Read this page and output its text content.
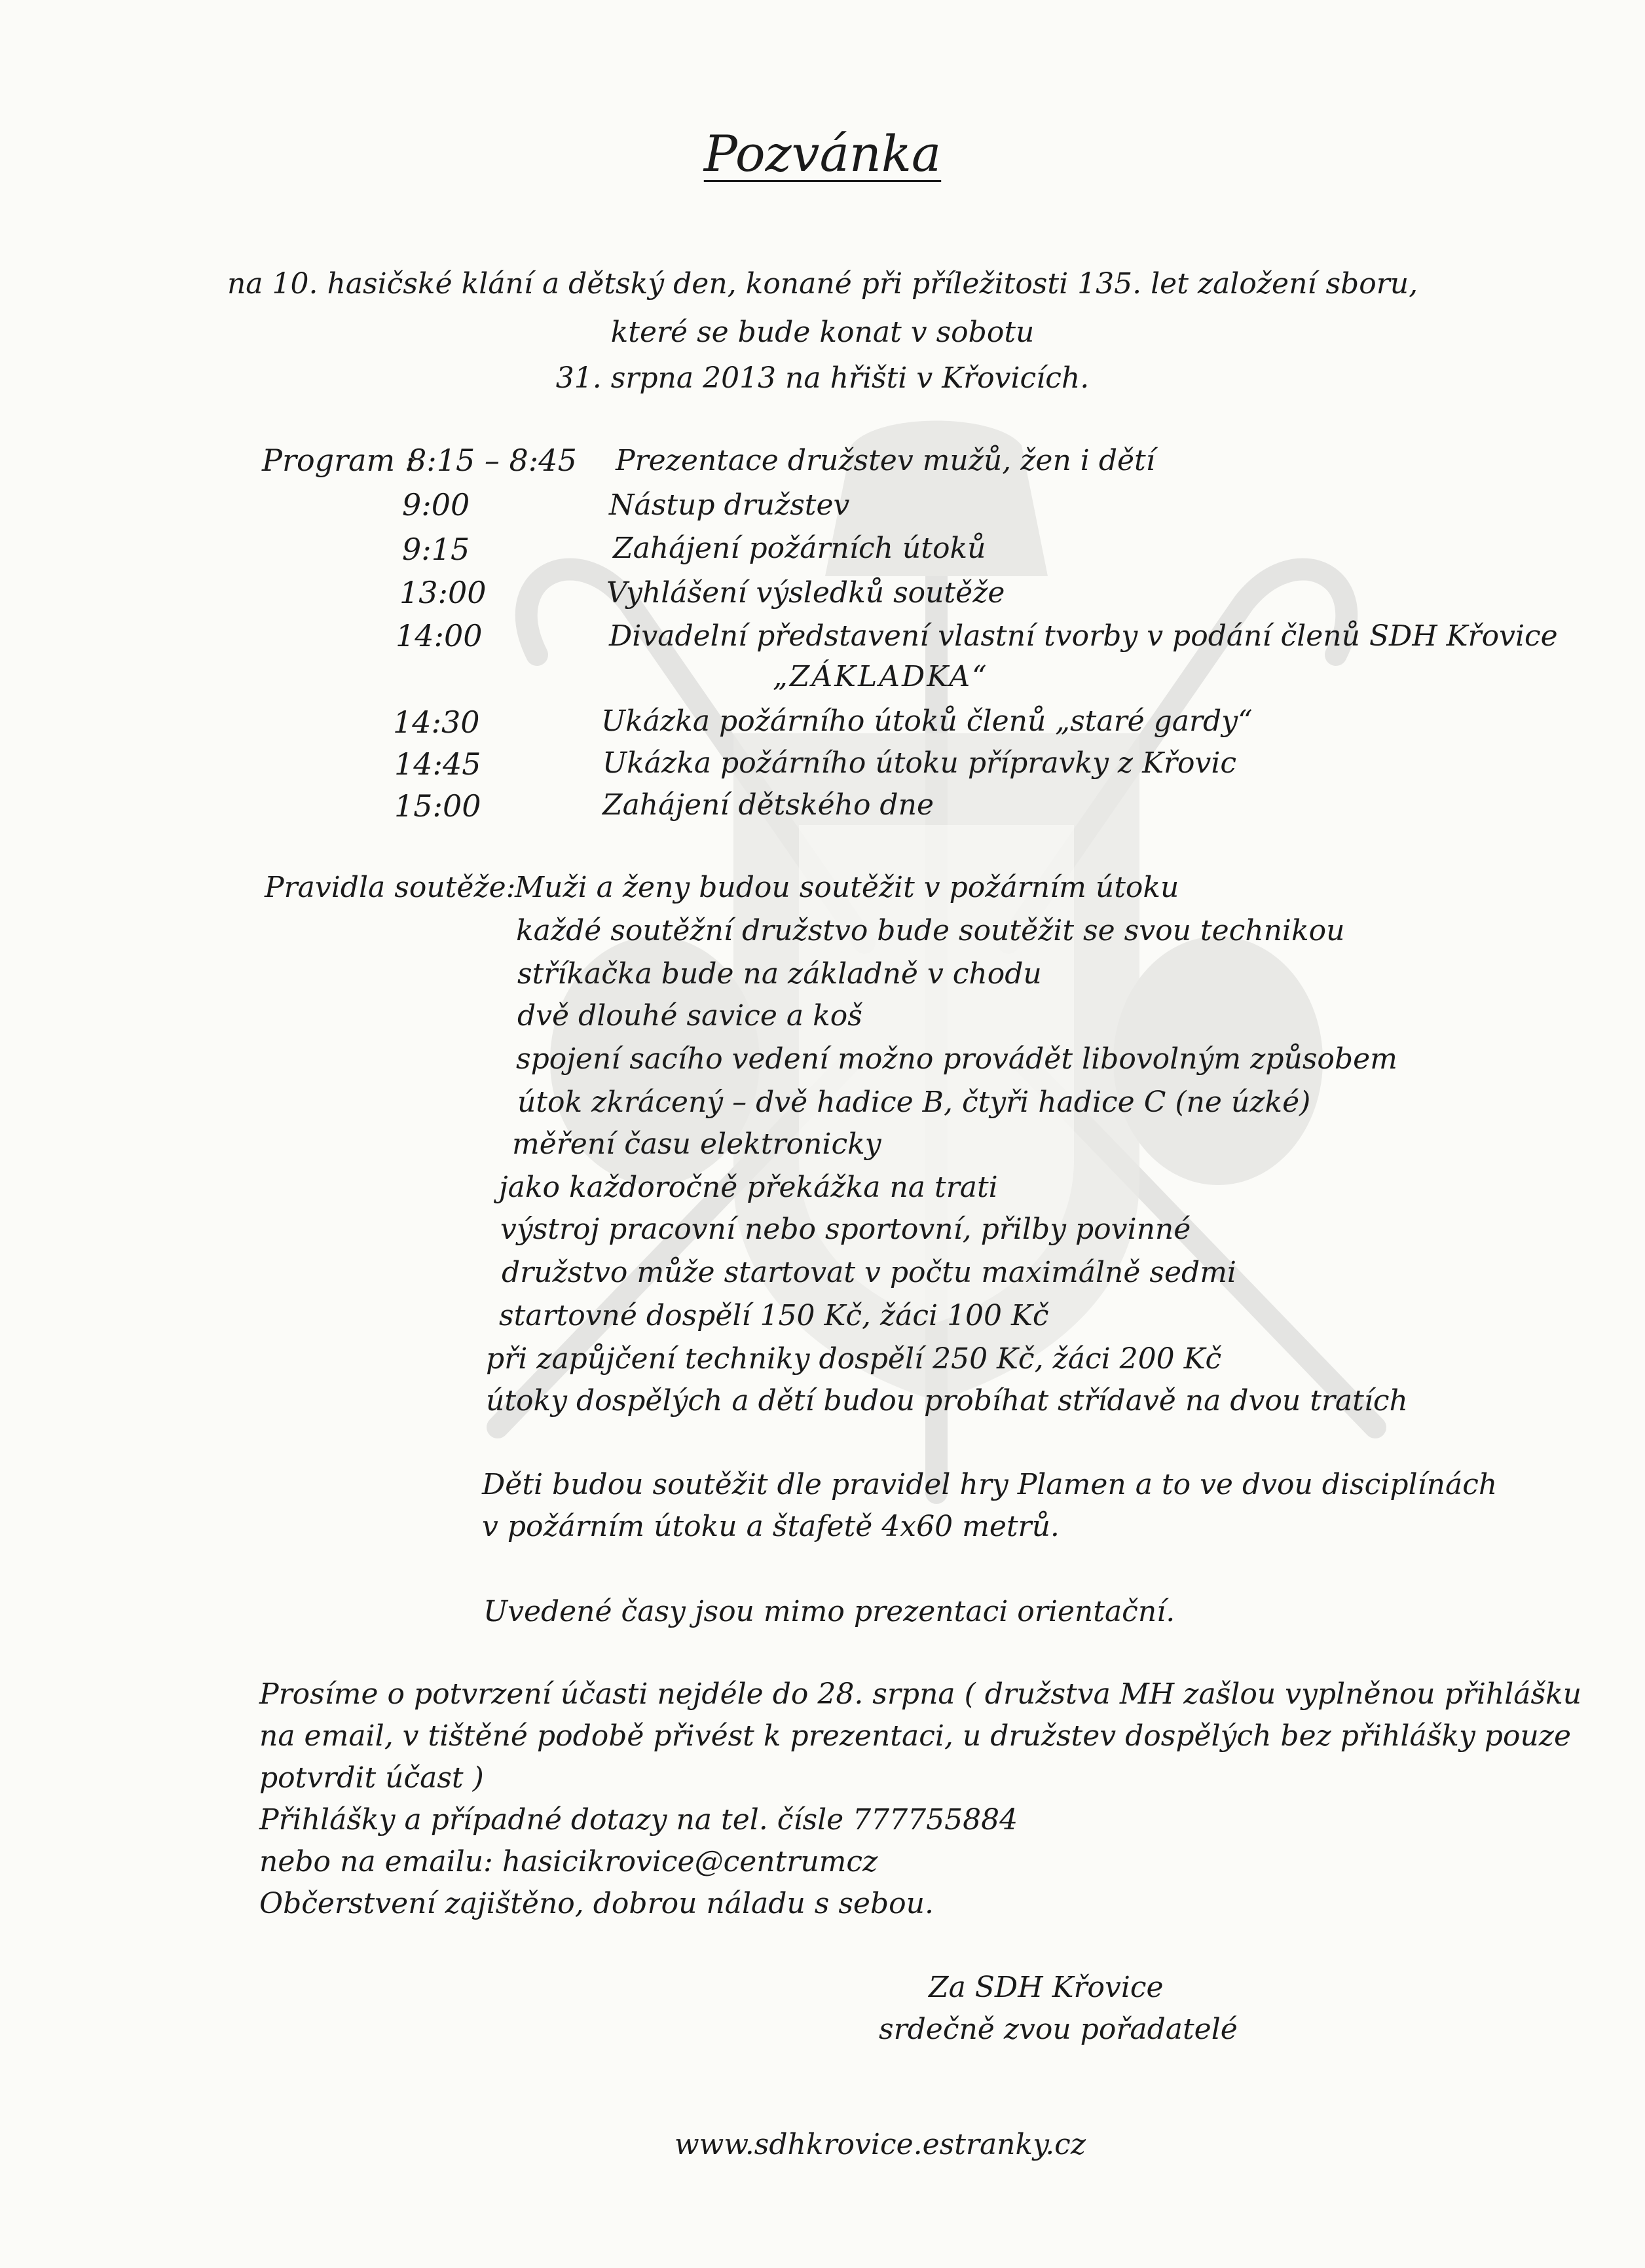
Pozvánka
na 10. hasičské klání a dětský den, konané při příležitosti 135. let založení sboru,
které se bude konat v sobotu
31. srpna 2013 na hřišti v Křovicích.
Program :
8:15 – 8:45 Prezentace družstev mužů, žen i dětí
9:00	Nástup družstev
9:15	Zahájení požárních útoků
13:00	Vyhlášení výsledků soutěže
14:00	Divadelní představení vlastní tvorby v podání členů SDH Křovice
„ZÁKLADKA“
14:30	Ukázka požárního útoků členů „staré gardy“
14:45	Ukázka požárního útoku přípravky z Křovic
15:00	Zahájení dětského dne
Pravidla soutěže:
Muži a ženy budou soutěžit v požárním útoku
každé soutěžní družstvo bude soutěžit se svou technikou
stříkačka bude na základně v chodu
dvě dlouhé savice a koš
spojení sacího vedení možno provádět libovolným způsobem
útok zkrácený – dvě hadice B, čtyři hadice C (ne úzké)
měření času elektronicky
jako každoročně překážka na trati
výstroj pracovní nebo sportovní, přilby povinné
družstvo může startovat v počtu maximálně sedmi
startovné dospělí 150 Kč, žáci 100 Kč
při zapůjčení techniky dospělí 250 Kč, žáci 200 Kč
útoky dospělých a dětí budou probíhat střídavě na dvou tratích
Děti budou soutěžit dle pravidel hry Plamen a to ve dvou disciplínách
v požárním útoku a štafetě 4x60 metrů.
Uvedené časy jsou mimo prezentaci orientační.
Prosíme o potvrzení účasti nejdéle do 28. srpna ( družstva MH zašlou vyplněnou přihlášku
na email, v tištěné podobě přivést k prezentaci, u družstev dospělých bez přihlášky pouze
potvrdit účast )
Přihlášky a případné dotazy na tel. čísle 777755884
nebo na emailu: hasicikrovice@centrumcz
Občerstvení zajištěno, dobrou náladu s sebou.
Za SDH Křovice
srdečně zvou pořadatelé
www.sdhkrovice.estranky.cz
